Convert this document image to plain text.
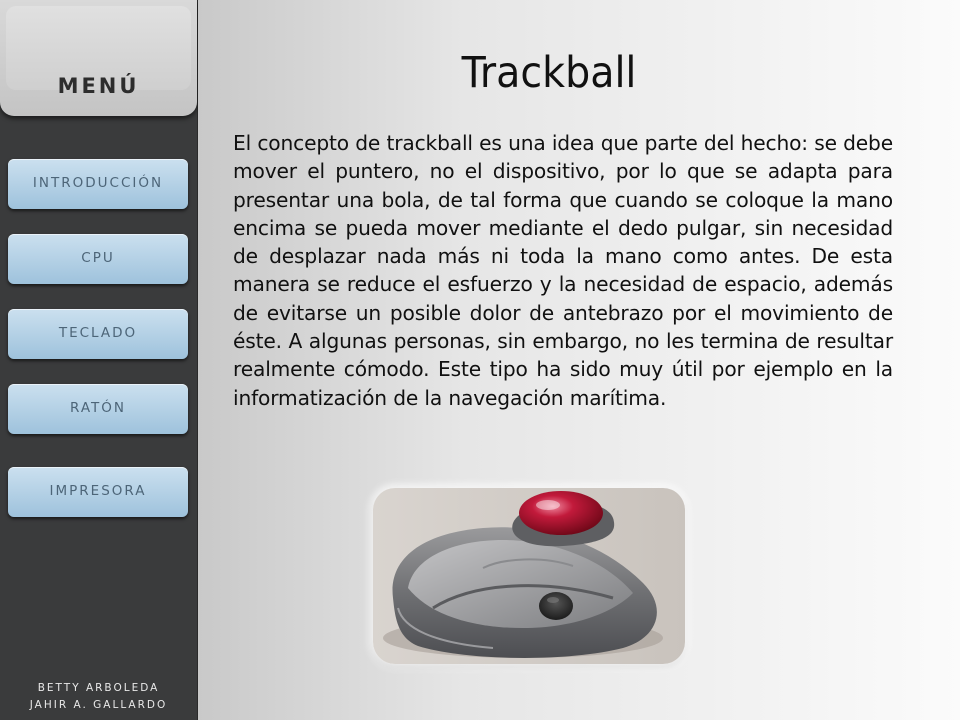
MENÚ
INTRODUCCIÓN
CPU
TECLADO
RATÓN
IMPRESORA
BETTY ARBOLEDA
JAHIR A. GALLARDO
Trackball

El concepto de trackball es una idea que parte del hecho: se debe mover el puntero, no el dispositivo, por lo que se adapta para presentar una bola, de tal forma que cuando se coloque la mano encima se pueda mover mediante el dedo pulgar, sin necesidad de desplazar nada más ni toda la mano como antes. De esta manera se reduce el esfuerzo y la necesidad de espacio, además de evitarse un posible dolor de antebrazo por el movimiento de éste. A algunas personas, sin embargo, no les termina de resultar realmente cómodo. Este tipo ha sido muy útil por ejemplo en la informatización de la navegación marítima.
